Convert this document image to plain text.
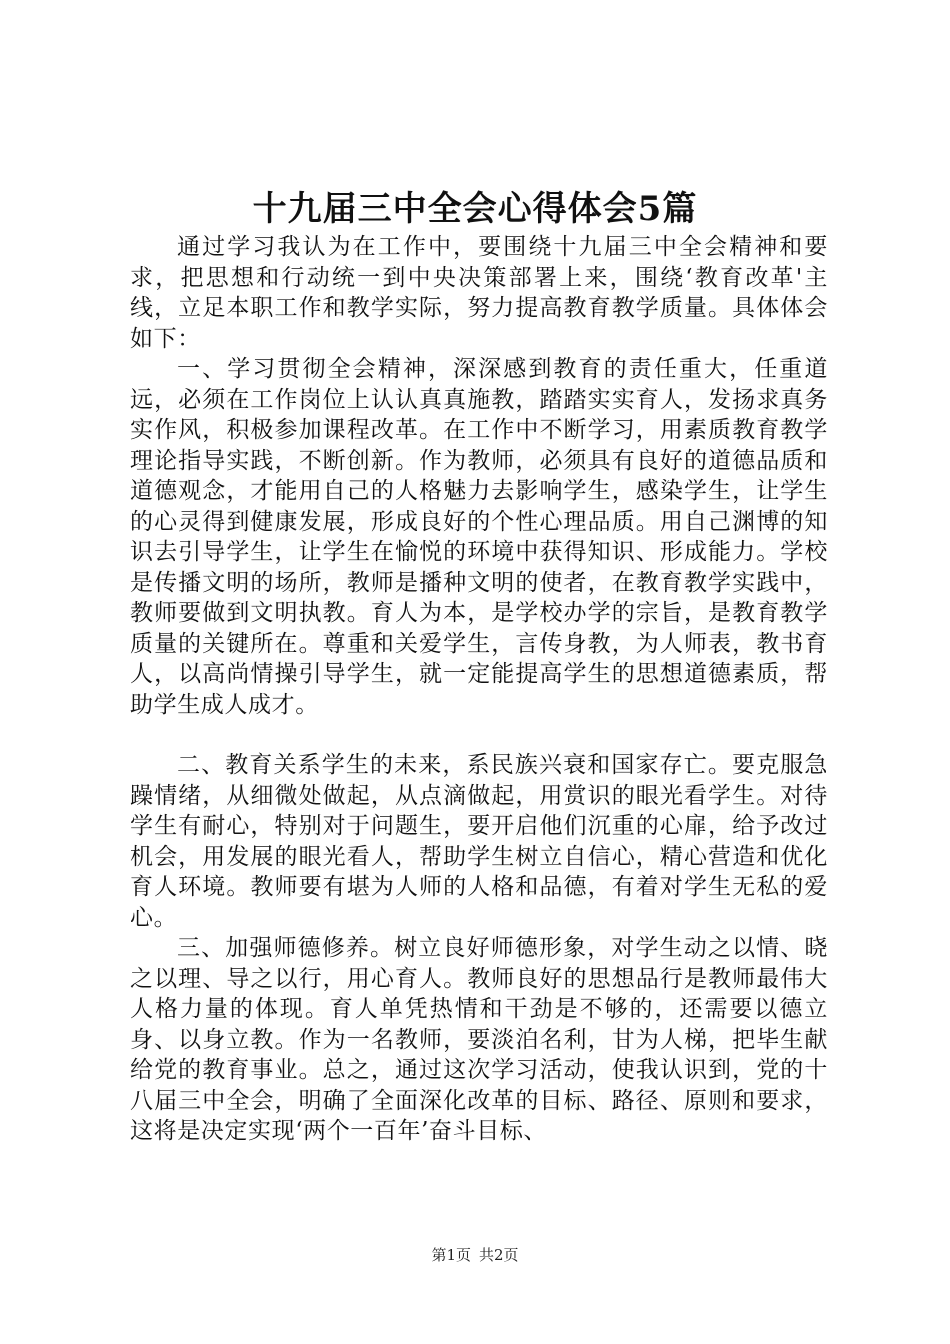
十九届三中全会心得体会5篇

通过学习我认为在工作中，要围绕十九届三中全会精神和要求，把思想和行动统一到中央决策部署上来，围绕‘教育改革'主线，立足本职工作和教学实际，努力提高教育教学质量。具体体会如下：

一、学习贯彻全会精神，深深感到教育的责任重大，任重道远，必须在工作岗位上认认真真施教，踏踏实实育人，发扬求真务实作风，积极参加课程改革。在工作中不断学习，用素质教育教学理论指导实践，不断创新。作为教师，必须具有良好的道德品质和道德观念，才能用自己的人格魅力去影响学生，感染学生，让学生的心灵得到健康发展，形成良好的个性心理品质。用自己渊博的知识去引导学生，让学生在愉悦的环境中获得知识、形成能力。学校是传播文明的场所，教师是播种文明的使者，在教育教学实践中，教师要做到文明执教。育人为本，是学校办学的宗旨，是教育教学质量的关键所在。尊重和关爱学生，言传身教，为人师表，教书育人，以高尚情操引导学生，就一定能提高学生的思想道德素质，帮助学生成人成才。

二、教育关系学生的未来，系民族兴衰和国家存亡。要克服急躁情绪，从细微处做起，从点滴做起，用赏识的眼光看学生。对待学生有耐心，特别对于问题生，要开启他们沉重的心扉，给予改过机会，用发展的眼光看人，帮助学生树立自信心，精心营造和优化育人环境。教师要有堪为人师的人格和品德，有着对学生无私的爱心。

三、加强师德修养。树立良好师德形象，对学生动之以情、晓之以理、导之以行，用心育人。教师良好的思想品行是教师最伟大人格力量的体现。育人单凭热情和干劲是不够的，还需要以德立身、以身立教。作为一名教师，要淡泊名利，甘为人梯，把毕生献给党的教育事业。总之，通过这次学习活动，使我认识到，党的十八届三中全会，明确了全面深化改革的目标、路径、原则和要求，这将是决定实现‘两个一百年’奋斗目标、

第1页 共2页
